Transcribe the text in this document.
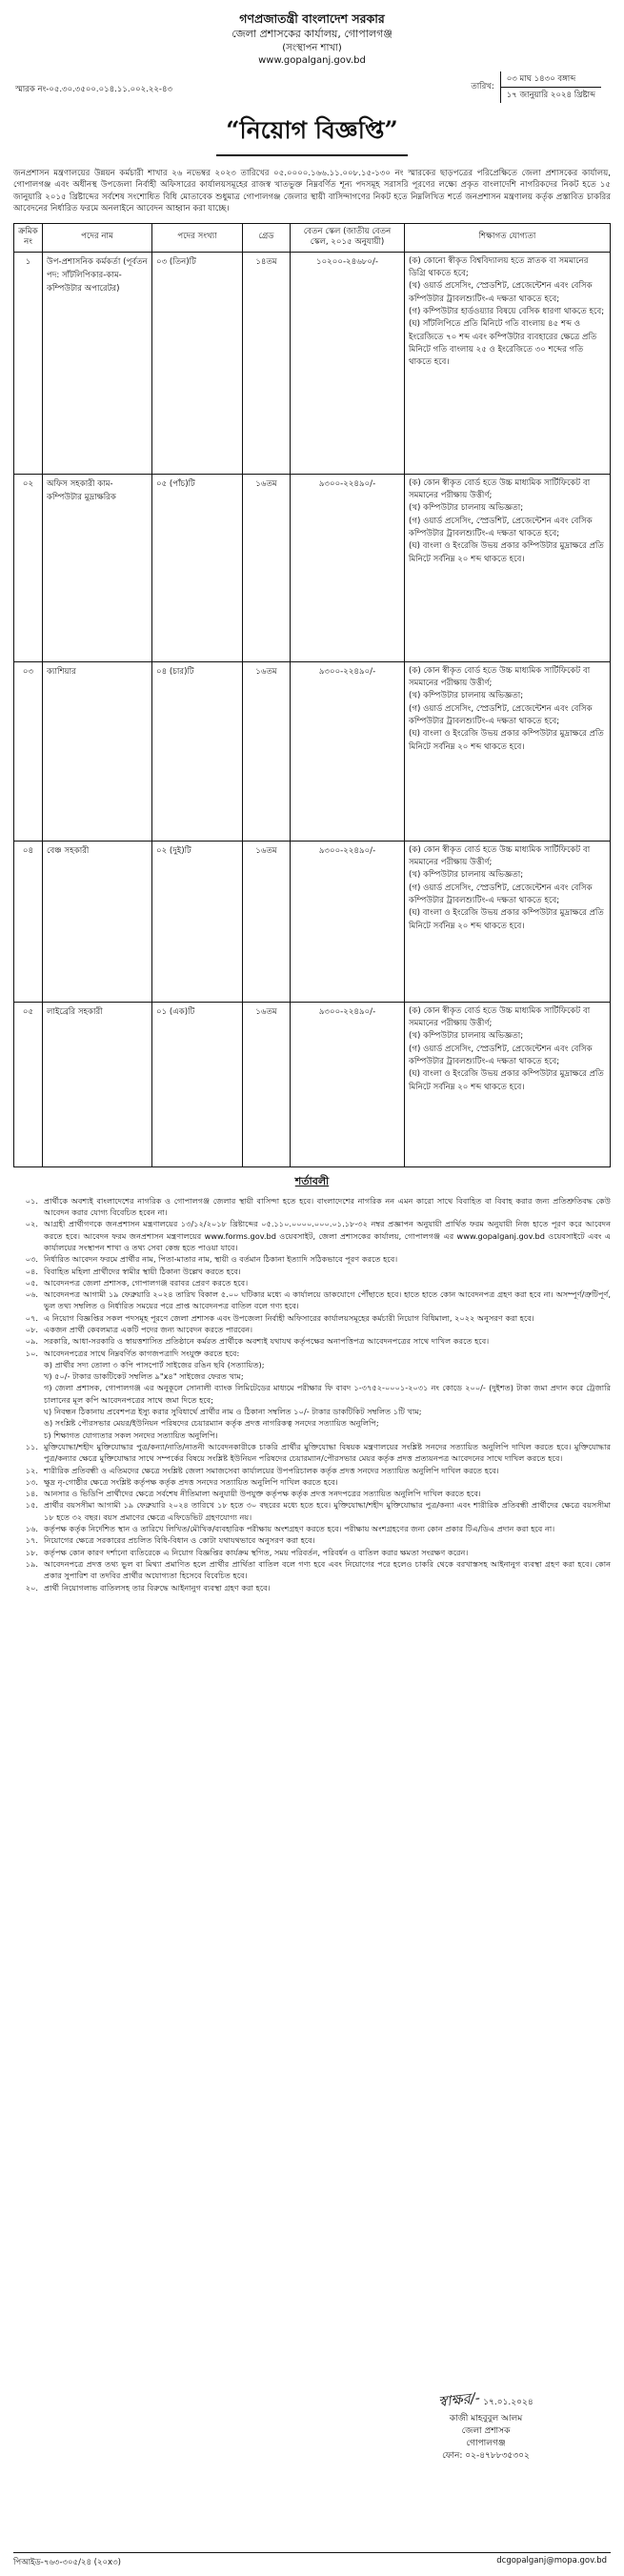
গণপ্রজাতন্ত্রী বাংলাদেশ সরকার
জেলা প্রশাসকের কার্যালয়, গোপালগঞ্জ
(সংস্থাপন শাখা)
www.gopalganj.gov.bd
স্মারক নং-০৫.৩০.৩৫০০.০১৪.১১.০০২.২২-৪৩	তারিখ:	০৩ মাঘ ১৪৩০ বঙ্গাব্দ
১৭ জানুয়ারি ২০২৪ খ্রিষ্টাব্দ
“নিয়োগ বিজ্ঞপ্তি”
জনপ্রশাসন মন্ত্রণালয়ের উন্নয়ন কর্মচারী শাখার ২৬ নভেম্বর ২০২৩ তারিখের ০৫.০০০০.১৬৬.১১.০০৮.১৫-১৩০ নং স্মারকের ছাড়পত্রের পরিপ্রেক্ষিতে জেলা প্রশাসকের কার্যালয়, গোপালগঞ্জ এবং অধীনস্থ উপজেলা নির্বাহী অফিসারের কার্যালয়সমূহের রাজস্ব খাতভুক্ত নিম্নবর্ণিত শূন্য পদসমূহ সরাসরি পূরণের লক্ষ্যে প্রকৃত বাংলাদেশি নাগরিকদের নিকট হতে ১৫ জানুয়ারি ২০১৫ খ্রিষ্টাব্দের সর্বশেষ সংশোধিত বিধি মোতাবেক শুধুমাত্র গোপালগঞ্জ জেলার স্থায়ী বাসিন্দাগণের নিকট হতে নিম্নলিখিত শর্তে জনপ্রশাসন মন্ত্রণালয় কর্তৃক প্রস্তাবিত চাকরির আবেদনের নির্ধারিত ফরমে অনলাইনে আবেদন আহ্বান করা যাচ্ছে।
ক্রমিক নং	পদের নাম	পদের সংখ্যা	গ্রেড	বেতন স্কেল (জাতীয় বেতন স্কেল, ২০১৫ অনুযায়ী)	শিক্ষাগত যোগ্যতা
১	উপ-প্রশাসনিক কর্মকর্তা (পূর্বতন পদ: সাঁটলিপিকার-কাম-কম্পিউটার অপারেটর)	০৩ (তিন)টি	১৪তম	১০২০০-২৪৬৮০/-	(ক) কোনো স্বীকৃত বিশ্ববিদ্যালয় হতে স্নাতক বা সমমানের ডিগ্রি থাকতে হবে;
(খ) ওয়ার্ড প্রসেসিং, স্প্রেডশিট, প্রেজেন্টেশন এবং বেসিক কম্পিউটার ট্রাবলশ্যুটিং-এ দক্ষতা থাকতে হবে;
(গ) কম্পিউটার হার্ডওয়্যার বিষয়ে বেসিক ধারণা থাকতে হবে;
(ঘ) সাঁটলিপিতে প্রতি মিনিটে গতি বাংলায় ৪৫ শব্দ ও ইংরেজিতে ৭০ শব্দ এবং কম্পিউটার ব্যবহারের ক্ষেত্রে প্রতি মিনিটে গতি বাংলায় ২৫ ও ইংরেজিতে ৩০ শব্দের গতি থাকতে হবে।

০২	অফিস সহকারী কাম-কম্পিউটার মুদ্রাক্ষরিক	০৫ (পাঁচ)টি	১৬তম	৯৩০০-২২৪৯০/-	(ক) কোন স্বীকৃত বোর্ড হতে উচ্চ মাধ্যমিক সার্টিফিকেট বা সমমানের পরীক্ষায় উত্তীর্ণ;
(খ) কম্পিউটার চালনায় অভিজ্ঞতা;
(গ) ওয়ার্ড প্রসেসিং, স্প্রেডশিট, প্রেজেন্টেশন এবং বেসিক কম্পিউটার ট্রাবলশ্যুটিং-এ দক্ষতা থাকতে হবে;
(ঘ) বাংলা ও ইংরেজি উভয় প্রকার কম্পিউটার মুদ্রাক্ষরে প্রতি মিনিটে সর্বনিম্ন ২০ শব্দ থাকতে হবে।

০৩	ক্যাশিয়ার	০৪ (চার)টি	১৬তম	৯৩০০-২২৪৯০/-	(ক) কোন স্বীকৃত বোর্ড হতে উচ্চ মাধ্যমিক সার্টিফিকেট বা সমমানের পরীক্ষায় উত্তীর্ণ;
(খ) কম্পিউটার চালনায় অভিজ্ঞতা;
(গ) ওয়ার্ড প্রসেসিং, স্প্রেডশিট, প্রেজেন্টেশন এবং বেসিক কম্পিউটার ট্রাবলশ্যুটিং-এ দক্ষতা থাকতে হবে;
(ঘ) বাংলা ও ইংরেজি উভয় প্রকার কম্পিউটার মুদ্রাক্ষরে প্রতি মিনিটে সর্বনিম্ন ২০ শব্দ থাকতে হবে।

০৪	বেঞ্চ সহকারী	০২ (দুই)টি	১৬তম	৯৩০০-২২৪৯০/-	(ক) কোন স্বীকৃত বোর্ড হতে উচ্চ মাধ্যমিক সার্টিফিকেট বা সমমানের পরীক্ষায় উত্তীর্ণ;
(খ) কম্পিউটার চালনায় অভিজ্ঞতা;
(গ) ওয়ার্ড প্রসেসিং, স্প্রেডশিট, প্রেজেন্টেশন এবং বেসিক কম্পিউটার ট্রাবলশ্যুটিং-এ দক্ষতা থাকতে হবে;
(ঘ) বাংলা ও ইংরেজি উভয় প্রকার কম্পিউটার মুদ্রাক্ষরে প্রতি মিনিটে সর্বনিম্ন ২০ শব্দ থাকতে হবে।

০৫	লাইব্রেরি সহকারী	০১ (এক)টি	১৬তম	৯৩০০-২২৪৯০/-	(ক) কোন স্বীকৃত বোর্ড হতে উচ্চ মাধ্যমিক সার্টিফিকেট বা সমমানের পরীক্ষায় উত্তীর্ণ;
(খ) কম্পিউটার চালনায় অভিজ্ঞতা;
(গ) ওয়ার্ড প্রসেসিং, স্প্রেডশিট, প্রেজেন্টেশন এবং বেসিক কম্পিউটার ট্রাবলশ্যুটিং-এ দক্ষতা থাকতে হবে;
(ঘ) বাংলা ও ইংরেজি উভয় প্রকার কম্পিউটার মুদ্রাক্ষরে প্রতি মিনিটে সর্বনিম্ন ২০ শব্দ থাকতে হবে।
শর্তাবলী
০১. প্রার্থীকে অবশ্যই বাংলাদেশের নাগরিক ও গোপালগঞ্জ জেলার স্থায়ী বাসিন্দা হতে হবে। বাংলাদেশের নাগরিক নন এমন কারো সাথে বিবাহিত বা বিবাহ করার জন্য প্রতিশ্রুতিবদ্ধ কেউ আবেদন করার যোগ্য বিবেচিত হবেন না।
০২. আগ্রহী প্রার্থীগণকে জনপ্রশাসন মন্ত্রণালয়ের ১৩/১২/২০১৮ খ্রিষ্টাব্দের ০৫.১১০.০০০০.০০০.০১.১৮-৩২ নম্বর প্রজ্ঞাপন অনুযায়ী প্রার্থিত ফরম অনুযায়ী নিজ হাতে পূরণ করে আবেদন করতে হবে। আবেদন ফরম জনপ্রশাসন মন্ত্রণালয়ের www.forms.gov.bd ওয়েবসাইট, জেলা প্রশাসকের কার্যালয়, গোপালগঞ্জ এর www.gopalganj.gov.bd ওয়েবসাইটে এবং এ কার্যালয়ের সংস্থাপন শাখা ও তথ্য সেবা কেন্দ্র হতে পাওয়া যাবে।
০৩. নির্ধারিত আবেদন ফরমে প্রার্থীর নাম, পিতা-মাতার নাম, স্থায়ী ও বর্তমান ঠিকানা ইত্যাদি সঠিকভাবে পূরণ করতে হবে।
০৪. বিবাহিত মহিলা প্রার্থীদের স্বামীর স্থায়ী ঠিকানা উল্লেখ করতে হবে।
০৫. আবেদনপত্র জেলা প্রশাসক, গোপালগঞ্জ বরাবর প্রেরণ করতে হবে।
০৬. আবেদনপত্র আগামী ১৯ ফেব্রুয়ারি ২০২৪ তারিখ বিকাল ৫.০০ ঘটিকার মধ্যে এ কার্যালয়ে ডাকযোগে পৌঁছাতে হবে। হাতে হাতে কোন আবেদনপত্র গ্রহণ করা হবে না। অসম্পূর্ণ/ত্রুটিপূর্ণ, ভুল তথ্য সম্বলিত ও নির্ধারিত সময়ের পরে প্রাপ্ত আবেদনপত্র বাতিল বলে গণ্য হবে।
০৭. এ নিয়োগ বিজ্ঞপ্তির সকল পদসমূহ পূরণে জেলা প্রশাসক এবং উপজেলা নির্বাহী অফিসারের কার্যালয়সমূহের কর্মচারী নিয়োগ বিধিমালা, ২০২২ অনুসরণ করা হবে।
০৮. একজন প্রার্থী কেবলমাত্র একটি পদের জন্য আবেদন করতে পারবেন।
০৯. সরকারি, আধা-সরকারি ও স্বায়ত্তশাসিত প্রতিষ্ঠানে কর্মরত প্রার্থীকে অবশ্যই যথাযথ কর্তৃপক্ষের অনাপত্তিপত্র আবেদনপত্রের সাথে দাখিল করতে হবে।
১০. আবেদনপত্রের সাথে নিম্নবর্ণিত কাগজপত্রাদি সংযুক্ত করতে হবে:
ক) প্রার্থীর সদ্য তোলা ৩ কপি পাসপোর্ট সাইজের রঙিন ছবি (সত্যায়িত);
খ) ৫০/- টাকার ডাকটিকেট সম্বলিত ৯"x৪" সাইজের ফেরত খাম;
গ) জেলা প্রশাসক, গোপালগঞ্জ এর অনুকূলে সোনালী ব্যাংক লিমিটেডের মাধ্যমে পরীক্ষার ফি বাবদ ১-৩৭৫২-০০০১-২০৩১ নং কোডে ২০০/- (দুইশত) টাকা জমা প্রদান করে ট্রেজারি চালানের মূল কপি আবেদনপত্রের সাথে জমা দিতে হবে;
ঘ) নিবন্ধন ঠিকানায় প্রবেশপত্র ইস্যু করার সুবিধার্থে প্রার্থীর নাম ও ঠিকানা সম্বলিত ১০/- টাকার ডাকটিকিট সম্বলিত ১টি খাম;
ঙ) সংশ্লিষ্ট পৌরসভার মেয়র/ইউনিয়ন পরিষদের চেয়ারম্যান কর্তৃক প্রদত্ত নাগরিকত্ব সনদের সত্যায়িত অনুলিপি;
চ) শিক্ষাগত যোগ্যতার সকল সনদের সত্যায়িত অনুলিপি।
১১. মুক্তিযোদ্ধা/শহীদ মুক্তিযোদ্ধার পুত্র/কন্যা/নাতি/নাতনী আবেদনকারীকে চাকরি প্রার্থীর মুক্তিযোদ্ধা বিষয়ক মন্ত্রণালয়ের সংশ্লিষ্ট সনদের সত্যায়িত অনুলিপি দাখিল করতে হবে। মুক্তিযোদ্ধার পুত্র/কন্যার ক্ষেত্রে মুক্তিযোদ্ধার সাথে সম্পর্কের বিষয়ে সংশ্লিষ্ট ইউনিয়ন পরিষদের চেয়ারম্যান/পৌরসভার মেয়র কর্তৃক প্রদত্ত প্রত্যয়নপত্র আবেদনের সাথে দাখিল করতে হবে।
১২. শারীরিক প্রতিবন্ধী ও এতিমদের ক্ষেত্রে সংশ্লিষ্ট জেলা সমাজসেবা কার্যালয়ের উপপরিচালক কর্তৃক প্রদত্ত সনদের সত্যায়িত অনুলিপি দাখিল করতে হবে।
১৩. ক্ষুদ্র নৃ-গোষ্ঠীর ক্ষেত্রে সংশ্লিষ্ট কর্তৃপক্ষ কর্তৃক প্রদত্ত সনদের সত্যায়িত অনুলিপি দাখিল করতে হবে।
১৪. আনসার ও ভিডিপি প্রার্থীদের ক্ষেত্রে সর্বশেষ নীতিমালা অনুযায়ী উপযুক্ত কর্তৃপক্ষ কর্তৃক প্রদত্ত সনদপত্রের সত্যায়িত অনুলিপি দাখিল করতে হবে।
১৫. প্রার্থীর বয়সসীমা আগামী ১৯ ফেব্রুয়ারি ২০২৪ তারিখে ১৮ হতে ৩০ বছরের মধ্যে হতে হবে। মুক্তিযোদ্ধা/শহীদ মুক্তিযোদ্ধার পুত্র/কন্যা এবং শারীরিক প্রতিবন্ধী প্রার্থীদের ক্ষেত্রে বয়সসীমা ১৮ হতে ৩২ বছর। বয়স প্রমাণের ক্ষেত্রে এফিডেভিট গ্রহণযোগ্য নয়।
১৬. কর্তৃপক্ষ কর্তৃক নির্দেশিত স্থান ও তারিখে লিখিত/মৌখিক/ব্যবহারিক পরীক্ষায় অংশগ্রহণ করতে হবে। পরীক্ষায় অংশগ্রহণের জন্য কোন প্রকার টিএ/ডিএ প্রদান করা হবে না।
১৭. নিয়োগের ক্ষেত্রে সরকারের প্রচলিত বিধি-বিধান ও কোটা যথাযথভাবে অনুসরণ করা হবে।
১৮. কর্তৃপক্ষ কোন কারণ দর্শানো ব্যতিরেকে এ নিয়োগ বিজ্ঞপ্তির কার্যক্রম স্থগিত, সময় পরিবর্তন, পরিবর্ধন ও বাতিল করার ক্ষমতা সংরক্ষণ করেন।
১৯. আবেদনপত্রে প্রদত্ত তথ্য ভুল বা মিথ্যা প্রমাণিত হলে প্রার্থীর প্রার্থিতা বাতিল বলে গণ্য হবে এবং নিয়োগের পরে হলেও চাকরি থেকে বরখাস্তসহ আইনানুগ ব্যবস্থা গ্রহণ করা হবে। কোন প্রকার সুপারিশ বা তদবির প্রার্থীর অযোগ্যতা হিসেবে বিবেচিত হবে।
২০. প্রার্থী নিয়োগলাভ বাতিলসহ তার বিরুদ্ধে আইনানুগ ব্যবস্থা গ্রহণ করা হবে।
স্বাক্ষর/- ১৭.০১.২০২৪
কাজী মাহবুবুল আলম
জেলা প্রশাসক
গোপালগঞ্জ
ফোন: ০২-৪৭৮৮৩৫৩০২
পিআইড-৭৬৩-৩০৫/২৪ (২০x৩)	dcgopalganj@mopa.gov.bd
